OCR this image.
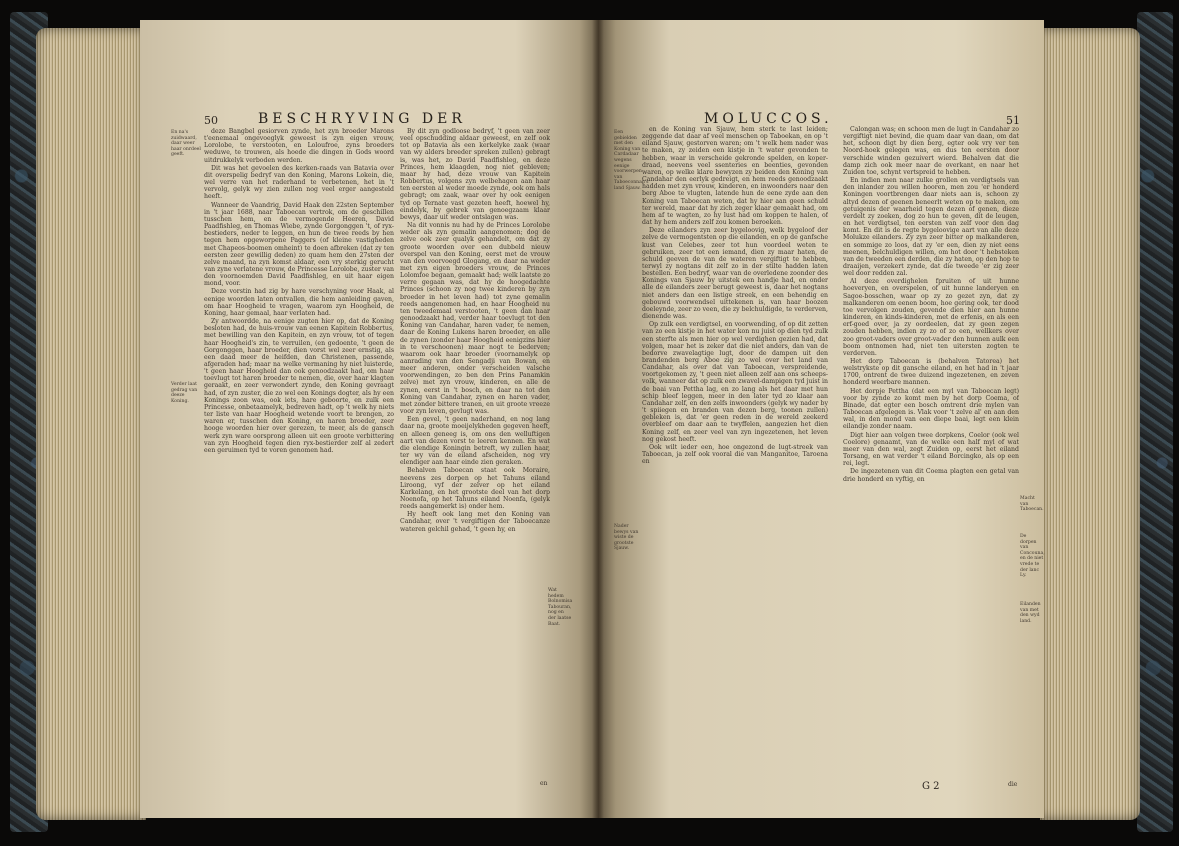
50	BESCHRYVING DER	MOLUCCOS.	51
En na's zuidwaard, daar weer haar onrdeel geeft.
Verder laat gedrag van deeze Koning.
Wat hedem Bolnomisa Tabouran, nog en der laatse Baat.
Een gebielden met den Koning van Cardadaar wegens eenige voorwerpen van Taboeconnan's land Sjauw.
Nader bewys van wiste de grootste Sjauw.
Macht van Taboecan.
De dorpen van Concouna, en de niet vrede te der lanc Ly.
Eilanden van met den wyd land.

deze Bangbel gesiorven zynde, het zyn broeder Marons t'eenemaal ongevoeglyk geweest is zyn eigen vrouw, Lorolobe, te verstooten, en Loloufroe, zyns broeders weduwe, te trouwen, als hoede die dingen in Gods woord uitdrukkelyk verboden werden.

Dit was het gevoelen des kerken-raads van Batavia over dit overspelig bedryf van den Koning, Marons Lokein, die, wel verre van het raderhand te verbetenen, het in 't vervolg, gelyk wy zien zullen nog veel erger aangesteld heeft.

Wanneer de Vaandrig, David Haak den 22sten September in 't jaar 1688, naar Taboecan vertrok, om de geschillen tusschen hem, en de vermogende Heeren, David Paadfishleg, en Thomas Wiebe, zynde Gorgonggen 't, of ryx-bestieders, neder te leggen, en hun de twee reeds by hen tegen hem opgeworpene Paggers (of kleine vastigheden met Chapeos-boomen omheint) te doen afbreken (dat zy ten eersten zeer gewillig deden) zo quam hem den 27sten der zelve maand, na zyn komst aldaar, een vry sterkig gerucht van zyne verlatene vrouw, de Princesse Lorolobe, zuster van den voornoemden David Paadfishleg, en uit haar eigen mond, voor.

Deze vorstin had zig by hare verschyning voor Haak, al eenige woorden laten ontvallen, die hem aanleiding gaven, om haar Hoogheid te vragen, waarom zyn Hoogheid, de Koning, haar gemaal, haar verlaten had.

Zy antwoordde, na eenige zugten hier op, dat de Koning besloten had, de huis-vrouw van eenen Kapitein Robbertus, met bewilling van den Kapitein, en zyn vrouw, tot of tegen haar Hoogheid's zin, te verruilen, (en gedoente, 't geen de Gorgonggen, haar broeder, dien vorst wel zeer ernstig, als een daad meer de heifden, dan Christenen, passende, afgeraden had; maar na welke vermaning hy niet luisterde, 't geen haar Hoogheid dan ook genoodzaakt had, om haar toevlugt tot haren broeder te nemen, die, over haar klagten geraakt, en zeer verwondert zynde, den Koning gevraagt had, of zyn zuster, die zo wel een Konings dogter, als hy een Konings zoon was, ook iets, hare geboorte, en zulk een Princesse, onbetaamelyk, bedreven hadt, op 't welk hy niets ter liste van haar Hoogheid wetende voort te brengen, zo waren er, tusschen den Koning, en haren broeder, zeer hooge woorden hier over gerezen, te meer, als de gansch werk zyn ware oorsprong alleen uit een groote verbittering van zyn Hoogheid tegen dien ryx-bestierder zelf al zedert een geruimen tyd te voren genomen had.

By dit zyn godloose bedryf, 't geen van zeer veel opschudding aldaar geweest, en zelf ook tot op Batavia als een kerkelyke zaak (waar van wy alders breeder spreken zullen) gebragt is, was het, zo David Paadfishleg, en deze Princes, hem klaagden, nog niet gebleven; maar hy had, deze vrouw van Kapitein Robbertus, volgens zyn welbehagen aan haar ten eersten al weder moede zynde, ook om hals gebragt; om zaak, waar over hy ook eenigen tyd op Ternate vast gezeten heeft, hoewel hy, eindelyk, by gebrek van genoegzaam klaar bewys, daar uit weder ontslagen was.

Na dit vonnis nu had hy de Princes Lorolobe weder als zyn gemalin aangenomen; dog de zelve ook zeer qualyk gehandelt, om dat zy groote woorden over een dubbeld nieuw overspel van den Koning, eerst met de vrouw van den voorvoegd Glogang, en daar na weder met zyn eigen broeders vrouw, de Princes Lolomfoe begaan, gemaakt had; welk laatste zo verre gegaan was, dat hy de hoogedachte Princes (schoon zy nog twee kinderen by zyn broeder in het leven had) tot zyne gemalin reeds aangenomen had, en haar Hoogheid nu ten tweedemaal verstooten, 't geen dan haar genoodzaakt had, verder haar toevlugt tot den Koning van Candahar, haren vader, te nemen, daar de Koning Lukens haren broeder, en alle de zynen (zonder haar Hoogheid eenigzins hier in te verschoonen) maar nogt te bederven; waarom ook haar broeder (voornamelyk op aanrading van den Sengadji van Bowan, en meer anderen, onder verscheiden valsche voorwendingen, zo ben den Prins Panamkin zelve) met zyn vrouw, kinderen, en alle de zynen, eerst in 't bosch, en daar na tot den Koning van Candahar, zynen en haren vader, met zonder bittere tranen, en uit groote vreeze voor zyn leven, gevlugt was.

Een gevel, 't geen naderhand, en nog lang daar na, groote moeijelykheden gegeven heeft, en alleen geneeg is, om ons den welluftigen aart van dezen vorst te leeren kennen. En wat die elendige Koningin betreft, wy zullen haar, ter wy van de eiland afscheiden, nog vry elendiger aan haar einde zien geraken.

Behalven Taboecan staat ook Moraire, neevens zes dorpen op het Tahuns eiland Liroong, vyf der zelver op het eiland Karkelang, en het grootste deel van het dorp Noenofa, op het Tahuns eiland Noenfa, (gelyk reeds aangemerkt is) onder hem.

Hy heeft ook lang met den Koning van Candahar, over 't vergiftigen der Taboecanze wateren gelchil gehad, 't geen hy, en

en de Koning van Sjauw, hem sterk te last leiden; zeggende dat daar af veel menschen op Taboekan, en op 't eiland Sjauw, gestorven waren; om 't welk hem nader was te maken, zy zeiden een kistje in 't water gevonden te hebben, waar in verscheide gekronde spelden, en koper-draad, neevens veel ssenteries en beenties, gevonden waren, op welke klare bewyzen zy beiden den Koning van Candahar den eerlyk gedreigt, en hem reeds genoodzaakt hadden met zyn vrouw, kinderen, en inwoonders naar den berg Aboe te vlugten, latende hun de eene zyde aan den Koning van Taboecan weten, dat hy hier aan geen schuld ter wereld, maar dat hy zich zeger klaar gemaakt had, om hem af te wagten, zo hy lust had om koppen te halen, of dat hy hem anders zelf zou komen beroeken.

Deze eilanders zyn zeer bygeloovig, welk bygeloof der zelve de vermogentsten op die eilanden, en op de ganfsche kust van Celebes, zeer tot hun voordeel weten te gebruiken, zeer tot een iemand, dien zy maar haten, de schuld geeven de van de wateren vergiftigt te hebben, terwyl zy nogtans dit zelf zo in der stilte hadden laten bestellen. Een bedryf, waar van de overledene zoonder des Konings van Sjauw by uitstek een handje had, en onder alle de eilanders zeer berugt geweest is, daar het nogtans niet anders dan een listige streek, en een behendig en gebouwd voorwendsel uittekenen is, van haar boozen doeleynde, zeer zo veen, die zy belchuldigde, te verderven, dienende was.

Op zulk een verdigtsel, en voorwending, of op dit zetten van zo een kistje in het water kon nu juist op dien tyd zulk een sterfte als men hier op wel verdighen gezien had, dat volgen, maar het is zeker dat die niet anders, dan van de bedorve zwavelagtige lugt, door de dampen uit den brandenden berg Aboe zig zo wel over het land van Candahar, als over dat van Taboecan, verspreidende, voortgekomen zy, 't geen niet alleen zelf aan ons scheeps-volk, wanneer dat op zulk een zwavel-dampigen tyd juist in de baai van Pettha lag, en zo lang als het daar met hun schip bleef leggen, meer in den later tyd zo klaar aan Candahar zelf, en den zelfs inwoonders (gelyk wy nader by 't spiiegen en branden van dezen berg, toonen zullen) gebleken is, dat 'er geen reden in de wereld zeekerd overbleef om daar aan te twyffelen, aangezien het dien Koning zelf, en zeer veel van zyn ingezetenen, het leven nog gekost heeft.

Ook wilt ieder een, hoe ongezond de lugt-streek van Taboecan, ja zelf ook vooral die van Manganitoe, Taroena en

Calongan was; en schoon men de lugt in Candahar zo vergiftigt niet bevind, die quam daar van daan, om dat het, schoon digt by dien berg, egter ook vry ver ten Noord-hoek gelegen was, en dus ten eersten door verschide winden gezuivert wierd. Behalven dat die damp zich ook meer naar de overkant, en naar het Zuiden toe, schynt vertspreid te hebben.

En indien men naar zulke grollen en verdigtsels van den inlander zou willen hooren, men zou 'er honderd Koningen voortbrengen daar niets aan is, schoon zy altyd dezen of geenen beneerlt weten op te maken, om getuigenis der waarheid tegen dezen of genen, dieze verdelt zy zoeken, dog zo hun te geven, dit de leugen, en het verdigtsel, ten eersten van zelf voor den dag komt. En dit is de regte bygeloovige aart van alle deze Molukze eilanders. Zy zyn zeer bitter op malkanderen, en sommige zo loos, dat zy 'er een, dien zy niet eens meenen, belchuldigen willen, om hot door 't hebsteken van de tweeden een derden, die zy haten, op den hop te draaijen, verzekert zynde, dat die tweede 'er zig zeer wel door redden zal.

Al deze overdighelen fpruiten of uit hunne hoeveryen, en overspelen, of uit hunne landeryen en Sagoe-bosschen, waar op zy zo gezet zyn, dat zy malkanderen om eenen boom, hoe gering ook, ter dood toe vervolgen zouden, gevende dien hier aan hunne kinderen, en kinds-kinderen, met de erfenis, en als een erf-goed over, ja zy oordeelen, dat zy geen zegen zouden hebben, indien zy zo of zo een, wellkers over zoo groot-vaders over groot-vader den hunnen aulk een boom ontnomen had, niet ten uitersten zogten te verderven.

Het dorp Taboecan is (behalven Tatorea) het welstrykste op dit gansche eiland, en het had in 't jaar 1700, ontrent de twee duizend ingezetenen, en zeven honderd weerbare mannen.

Het dorpje Pettha (dat een myl van Taboecan legt) voor by zynde zo komt men by het dorp Coema, of Binade, dat egter een bosch omtrent drie mylen van Taboecan afgelegen is. Vlak voor 't zelve al' en aan den wal, in den mond van een diepe baai, legt een klein eilandje zonder naam.

Digt hier aan volgen twee dorpkens, Coelor (ook wel Coelore) genaamt, van de welke een half myl of wat meer van den wal, zegt Zuiden op, eerst het eiland Torsang, en wat verder 't eiland Borcingko, als op een rei, legt.

De ingezetenen van dit Coema plagten een getal van drie honderd en vyftig, en

en	G 2	die
